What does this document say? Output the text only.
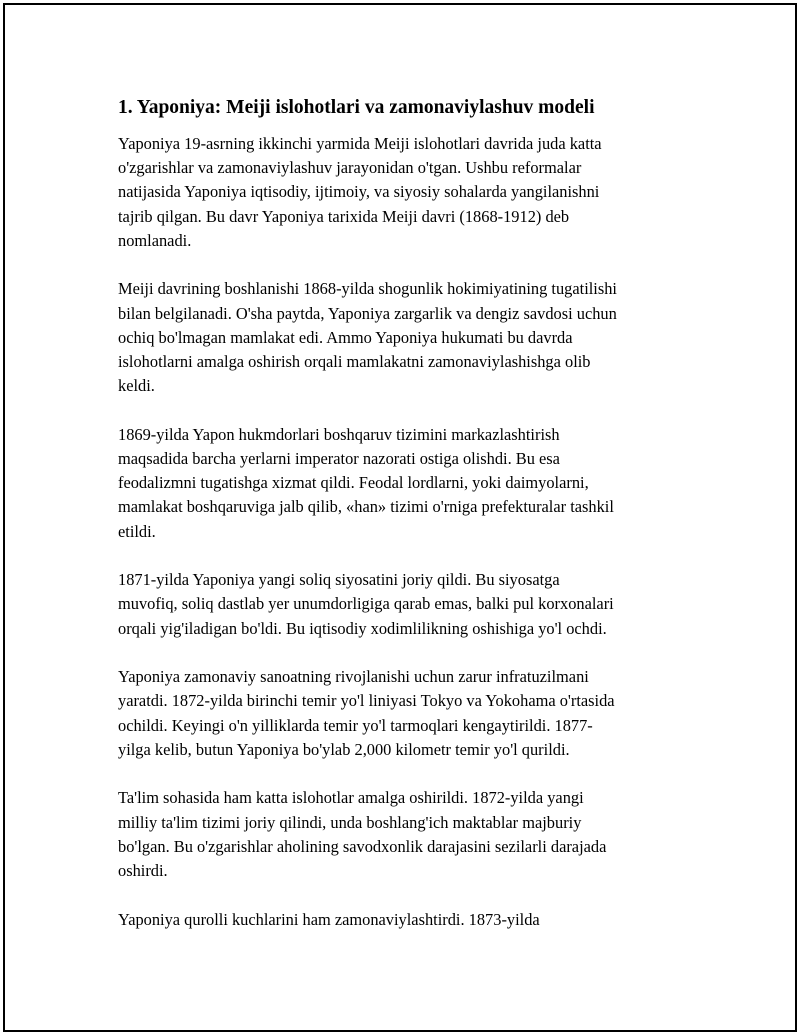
1. Yaponiya: Meiji islohotlari va zamonaviylashuv modeli

Yaponiya 19-asrning ikkinchi yarmida Meiji islohotlari davrida juda katta
o'zgarishlar va zamonaviylashuv jarayonidan o'tgan. Ushbu reformalar
natijasida Yaponiya iqtisodiy, ijtimoiy, va siyosiy sohalarda yangilanishni
tajrib qilgan. Bu davr Yaponiya tarixida Meiji davri (1868-1912) deb
nomlanadi.

Meiji davrining boshlanishi 1868-yilda shogunlik hokimiyatining tugatilishi
bilan belgilanadi. O'sha paytda, Yaponiya zargarlik va dengiz savdosi uchun
ochiq bo'lmagan mamlakat edi. Ammo Yaponiya hukumati bu davrda
islohotlarni amalga oshirish orqali mamlakatni zamonaviylashishga olib
keldi.

1869-yilda Yapon hukmdorlari boshqaruv tizimini markazlashtirish
maqsadida barcha yerlarni imperator nazorati ostiga olishdi. Bu esa
feodalizmni tugatishga xizmat qildi. Feodal lordlarni, yoki daimyolarni,
mamlakat boshqaruviga jalb qilib, «han» tizimi o'rniga prefekturalar tashkil
etildi.

1871-yilda Yaponiya yangi soliq siyosatini joriy qildi. Bu siyosatga
muvofiq, soliq dastlab yer unumdorligiga qarab emas, balki pul korxonalari
orqali yig'iladigan bo'ldi. Bu iqtisodiy xodimlilikning oshishiga yo'l ochdi.

Yaponiya zamonaviy sanoatning rivojlanishi uchun zarur infratuzilmani
yaratdi. 1872-yilda birinchi temir yo'l liniyasi Tokyo va Yokohama o'rtasida
ochildi. Keyingi o'n yilliklarda temir yo'l tarmoqlari kengaytirildi. 1877-
yilga kelib, butun Yaponiya bo'ylab 2,000 kilometr temir yo'l qurildi.

Ta'lim sohasida ham katta islohotlar amalga oshirildi. 1872-yilda yangi
milliy ta'lim tizimi joriy qilindi, unda boshlang'ich maktablar majburiy
bo'lgan. Bu o'zgarishlar aholining savodxonlik darajasini sezilarli darajada
oshirdi.

Yaponiya qurolli kuchlarini ham zamonaviylashtirdi. 1873-yilda
